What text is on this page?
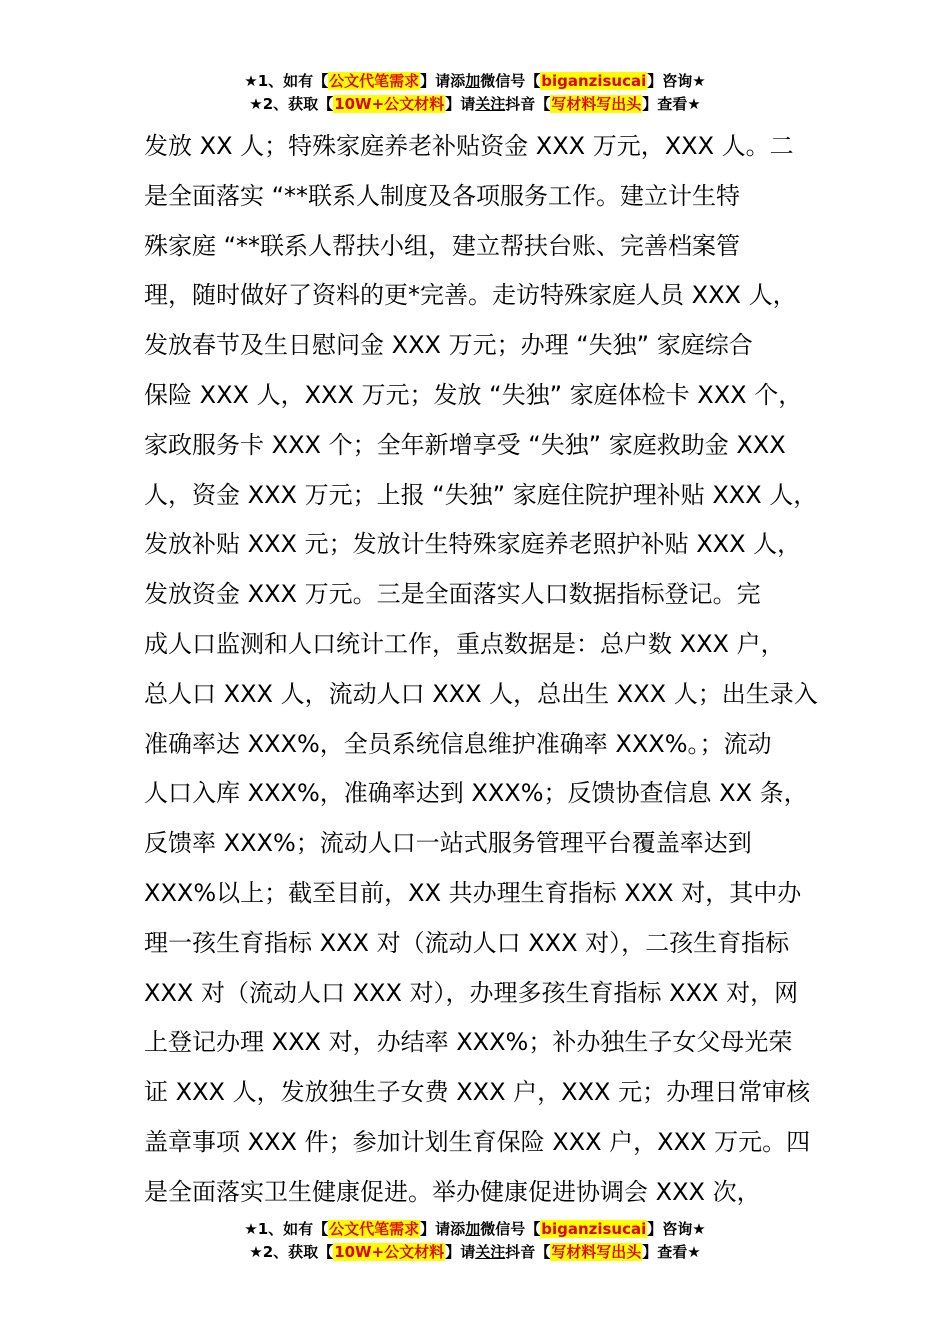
★1、如有【公文代笔需求】请添加微信号【biganzisucai】咨询★
★2、获取【10W+公文材料】请关注抖音【写材料写出头】查看★
发放 XX 人；特殊家庭养老补贴资金 XXX 万元，XXX 人。二
是全面落实 “**联系人制度及各项服务工作。建立计生特
殊家庭 “**联系人帮扶小组，建立帮扶台账、完善档案管
理，随时做好了资料的更*完善。走访特殊家庭人员 XXX 人，
发放春节及生日慰问金 XXX 万元；办理 “失独” 家庭综合
保险 XXX 人，XXX 万元；发放 “失独” 家庭体检卡 XXX 个，
家政服务卡 XXX 个；全年新增享受 “失独” 家庭救助金 XXX
人，资金 XXX 万元；上报 “失独” 家庭住院护理补贴 XXX 人，
发放补贴 XXX 元；发放计生特殊家庭养老照护补贴 XXX 人，
发放资金 XXX 万元。三是全面落实人口数据指标登记。完
成人口监测和人口统计工作，重点数据是：总户数 XXX 户，
总人口 XXX 人，流动人口 XXX 人，总出生 XXX 人；出生录入
准确率达 XXX%，全员系统信息维护准确率 XXX%。；流动
人口入库 XXX%，准确率达到 XXX%；反馈协查信息 XX 条，
反馈率 XXX%；流动人口一站式服务管理平台覆盖率达到
XXX%以上；截至目前，XX 共办理生育指标 XXX 对，其中办
理一孩生育指标 XXX 对（流动人口 XXX 对），二孩生育指标
XXX 对（流动人口 XXX 对），办理多孩生育指标 XXX 对，网
上登记办理 XXX 对，办结率 XXX%；补办独生子女父母光荣
证 XXX 人，发放独生子女费 XXX 户，XXX 元；办理日常审核
盖章事项 XXX 件；参加计划生育保险 XXX 户，XXX 万元。四
是全面落实卫生健康促进。举办健康促进协调会 XXX 次，
★1、如有【公文代笔需求】请添加微信号【biganzisucai】咨询★
★2、获取【10W+公文材料】请关注抖音【写材料写出头】查看★
